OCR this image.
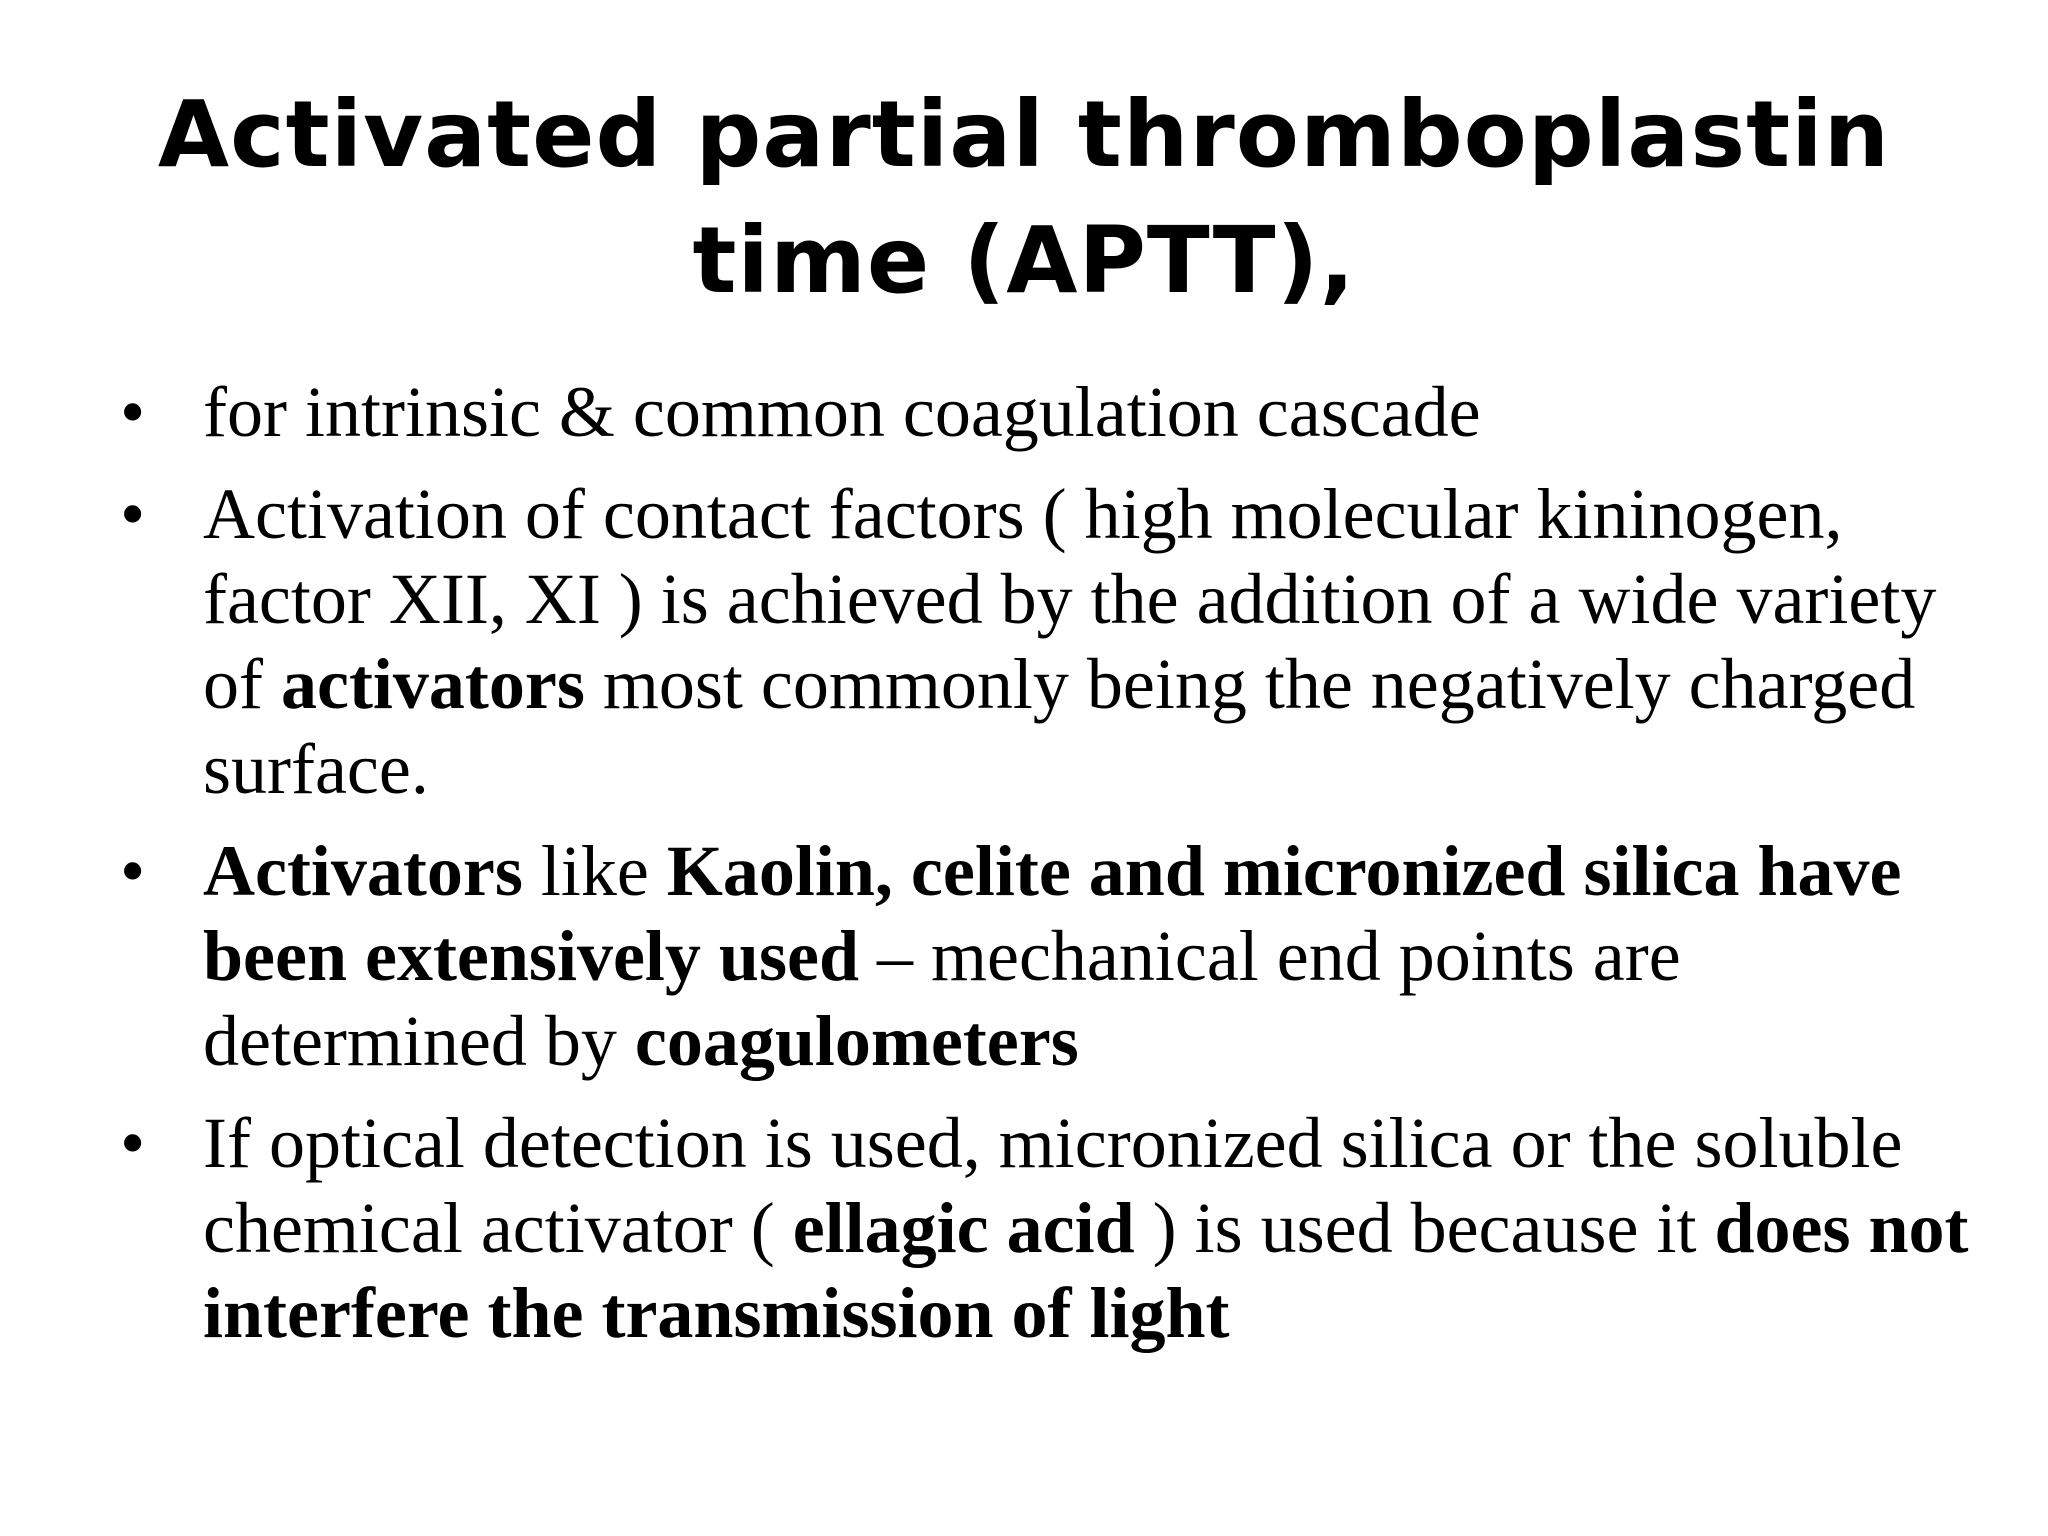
Activated partial thromboplastin
time (APTT),
• for intrinsic & common coagulation cascade
• Activation of contact factors ( high molecular kininogen, factor XII, XI ) is achieved by the addition of a wide variety of activators most commonly being the negatively charged surface.
• Activators like Kaolin, celite and micronized silica have been extensively used – mechanical end points are determined by coagulometers
• If optical detection is used, micronized silica or the soluble chemical activator ( ellagic acid ) is used because it does not interfere the transmission of light
